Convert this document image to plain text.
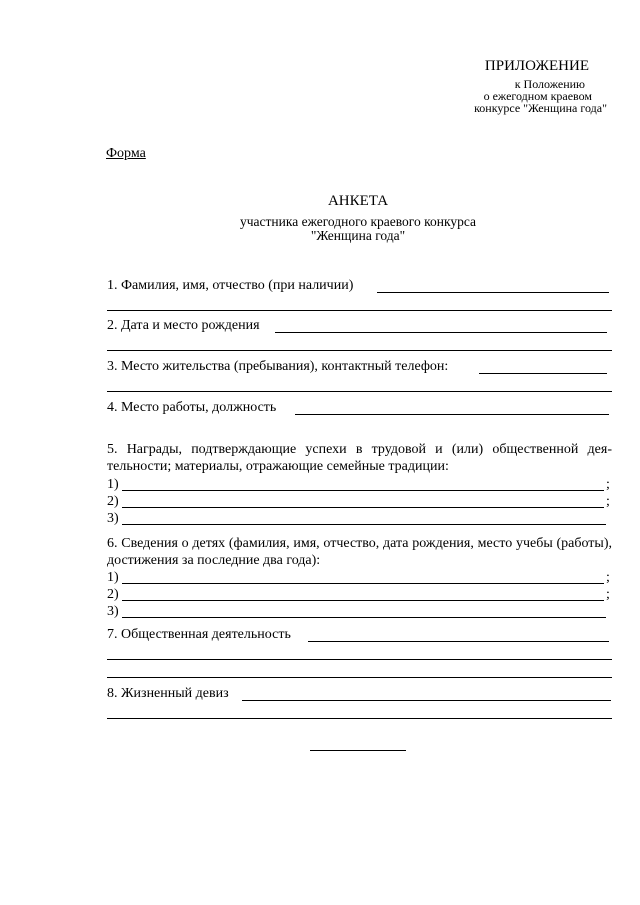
ПРИЛОЖЕНИЕ
к Положению
о ежегодном краевом
конкурсе "Женщина года"
Форма
АНКЕТА
участника ежегодного краевого конкурса
"Женщина года"
1. Фамилия, имя, отчество (при наличии)
2. Дата и место рождения
3. Место жительства (пребывания), контактный телефон:
4. Место работы, должность
5. Награды, подтверждающие успехи в трудовой и (или) общественной дея-тельности; материалы, отражающие семейные традиции:
1)	;
2)	;
3)
6. Сведения о детях (фамилия, имя, отчество, дата рождения, место учебы (работы), достижения за последние два года):
1)	;
2)	;
3)
7. Общественная деятельность
8. Жизненный девиз
